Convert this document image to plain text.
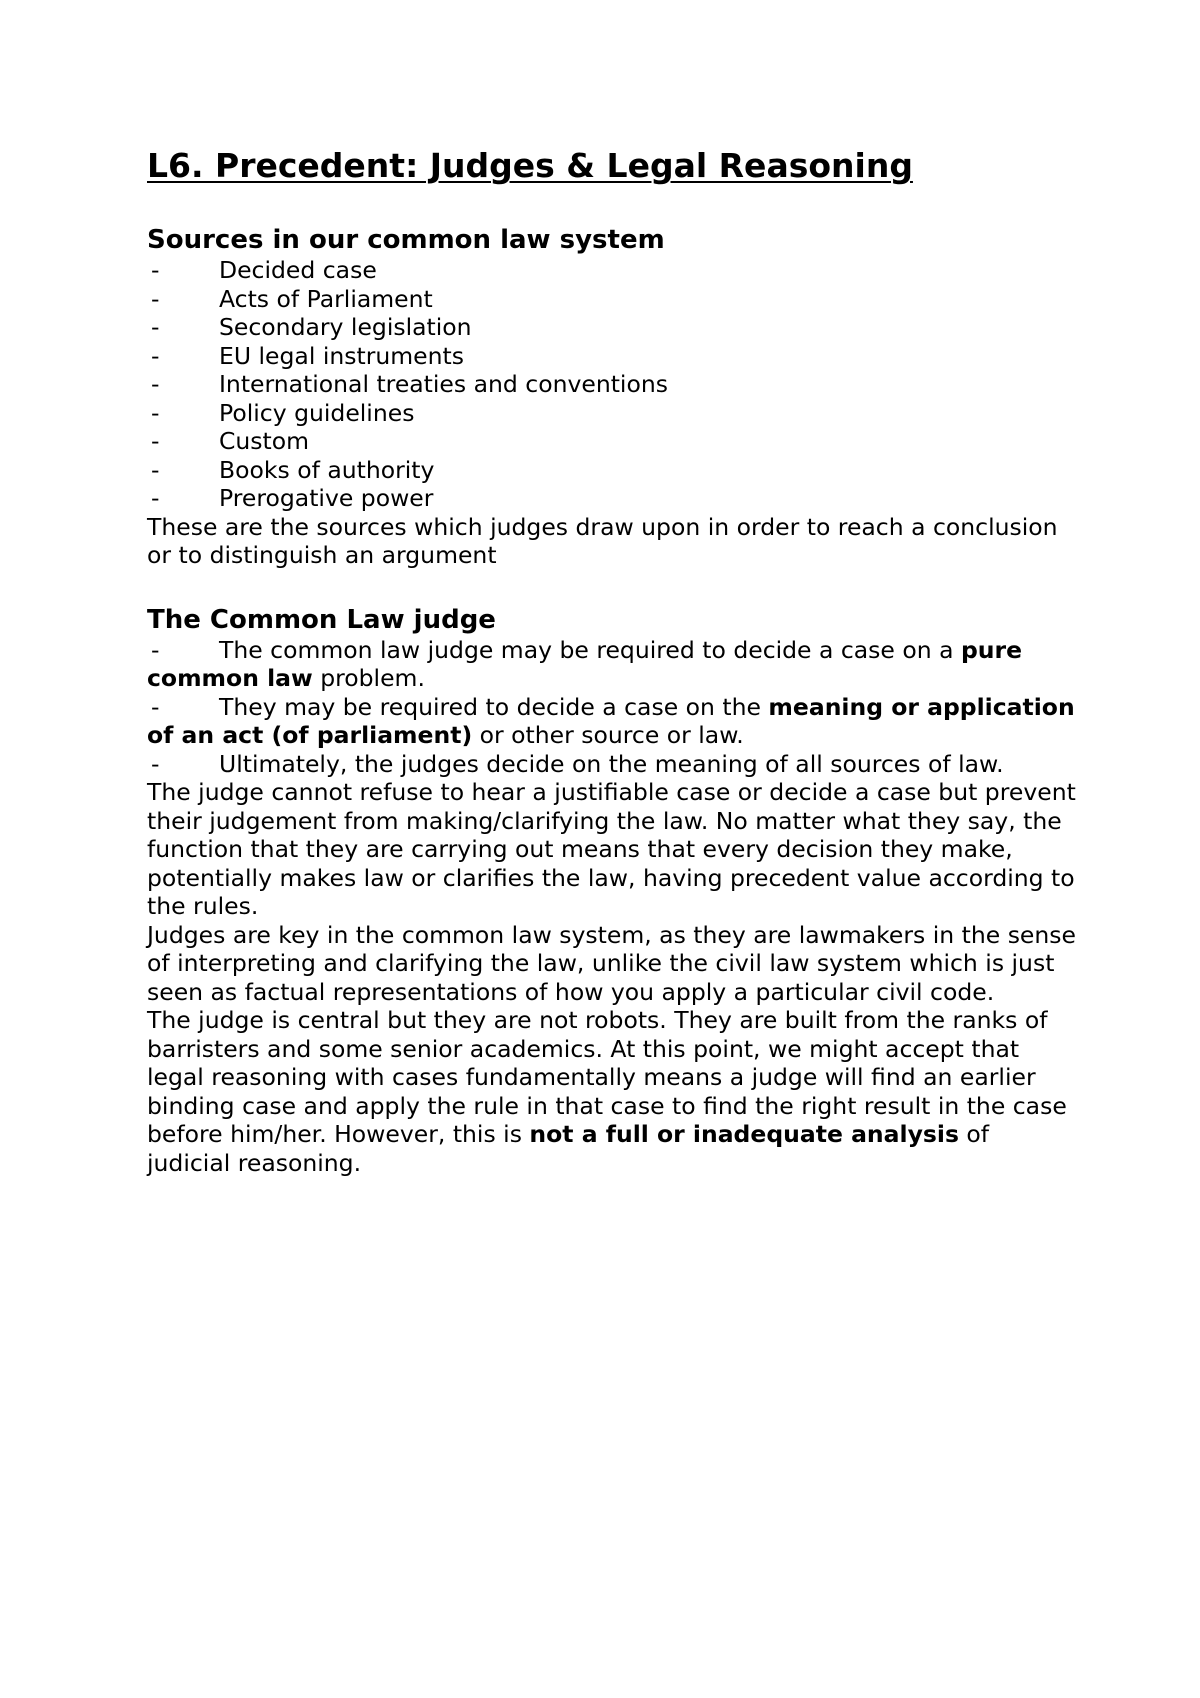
L6. Precedent: Judges & Legal Reasoning
Sources in our common law system
-	Decided case
-	Acts of Parliament
-	Secondary legislation
-	EU legal instruments
-	International treaties and conventions
-	Policy guidelines
-	Custom
-	Books of authority
-	Prerogative power

These are the sources which judges draw upon in order to reach a conclusion or to distinguish an argument

The Common Law judge

-	The common law judge may be required to decide a case on a pure common law problem.

-	They may be required to decide a case on the meaning or application of an act (of parliament) or other source or law.

-	Ultimately, the judges decide on the meaning of all sources of law.

The judge cannot refuse to hear a justifiable case or decide a case but prevent their judgement from making/clarifying the law. No matter what they say, the function that they are carrying out means that every decision they make, potentially makes law or clarifies the law, having precedent value according to the rules.

Judges are key in the common law system, as they are lawmakers in the sense of interpreting and clarifying the law, unlike the civil law system which is just seen as factual representations of how you apply a particular civil code.

The judge is central but they are not robots. They are built from the ranks of barristers and some senior academics. At this point, we might accept that legal reasoning with cases fundamentally means a judge will find an earlier binding case and apply the rule in that case to find the right result in the case before him/her. However, this is not a full or inadequate analysis of judicial reasoning.
